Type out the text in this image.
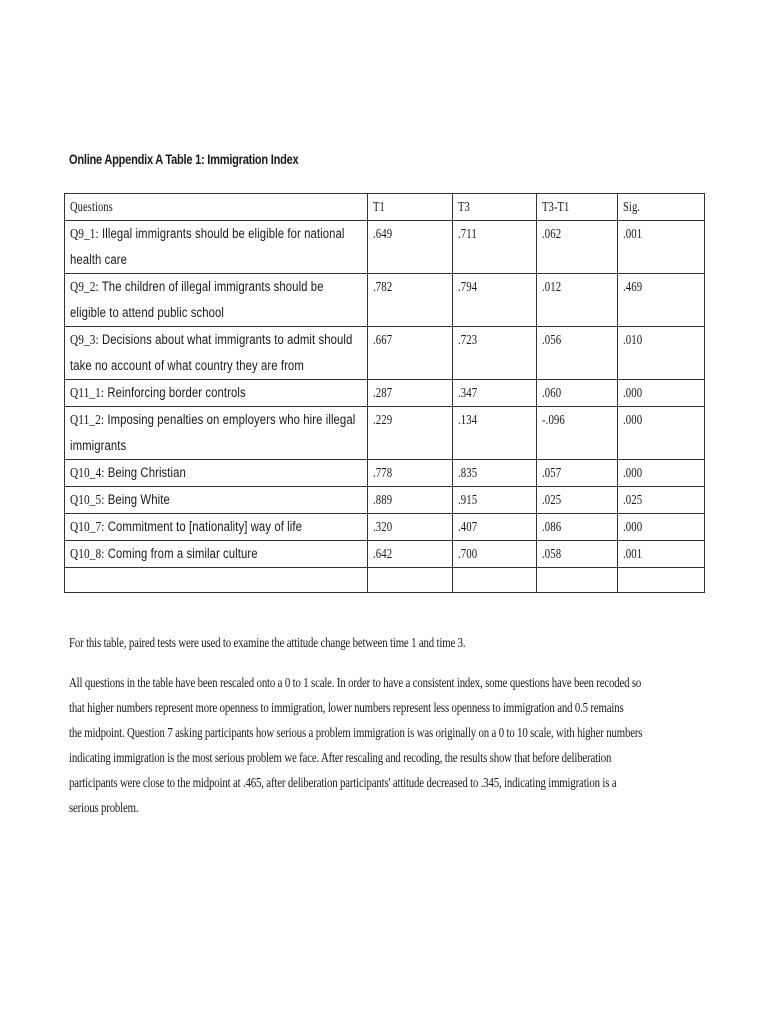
Online Appendix A Table 1: Immigration Index
Questions	T1	T3	T3-T1	Sig.

Q9_1: Illegal immigrants should be eligible for national health care	.649	.711	.062	.001

Q9_2: The children of illegal immigrants should be eligible to attend public school	.782	.794	.012	.469

Q9_3: Decisions about what immigrants to admit should take no account of what country they are from	.667	.723	.056	.010

Q11_1: Reinforcing border controls	.287	.347	.060	.000

Q11_2: Imposing penalties on employers who hire illegal immigrants	.229	.134	-.096	.000

Q10_4: Being Christian	.778	.835	.057	.000

Q10_5: Being White	.889	.915	.025	.025

Q10_7: Commitment to [nationality] way of life	.320	.407	.086	.000

Q10_8: Coming from a similar culture	.642	.700	.058	.001

For this table, paired tests were used to examine the attitude change between time 1 and time 3.
All questions in the table have been rescaled onto a 0 to 1 scale. In order to have a consistent index, some questions have been recoded so
that higher numbers represent more openness to immigration, lower numbers represent less openness to immigration and 0.5 remains
the midpoint. Question 7 asking participants how serious a problem immigration is was originally on a 0 to 10 scale, with higher numbers
indicating immigration is the most serious problem we face. After rescaling and recoding, the results show that before deliberation
participants were close to the midpoint at .465, after deliberation participants' attitude decreased to .345, indicating immigration is a
serious problem.
